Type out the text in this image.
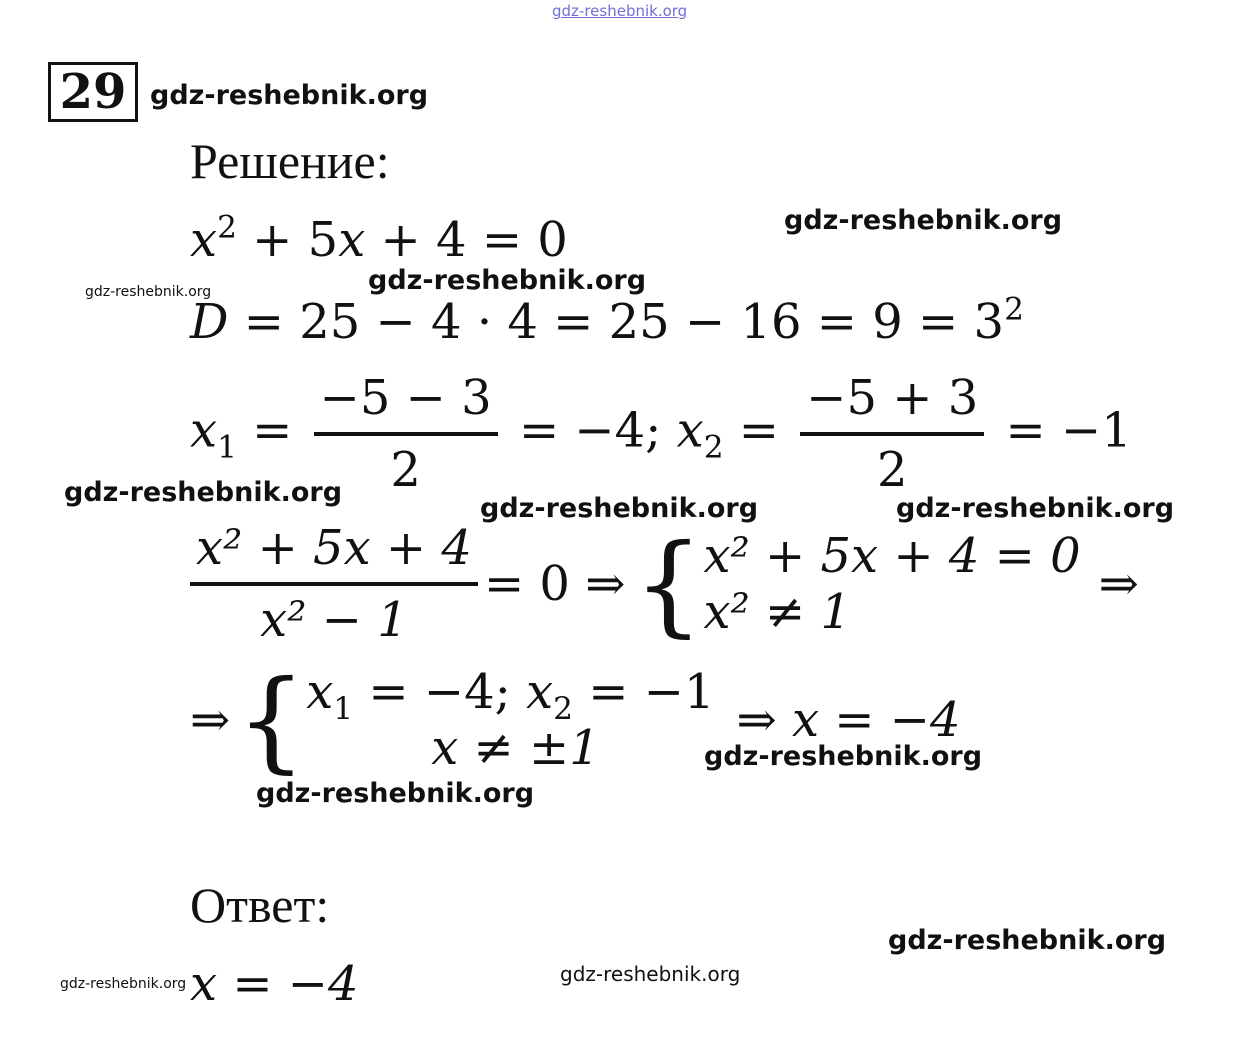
gdz-reshebnik.org
29 gdz-reshebnik.org
Решение:
$x^2 + 5x + 4 = 0$	gdz-reshebnik.org
gdz-reshebnik.org
gdz-reshebnik.org
$D = 25 - 4 \cdot 4 = 25 - 16 = 9 = 3^2$
$x_1 = \frac{-5 - 3}{2} = -4$; $x_2 = \frac{-5 + 3}{2} = -1$
gdz-reshebnik.org
gdz-reshebnik.org	gdz-reshebnik.org
$\frac{\text{x² + 5x + 4}}{\text{x² − 1}} = 0$ ⇒ { x² + 5x + 4 = 0
x² ≠ 1	⇒
⇒ { $x_1 = -4$; $x_2 = -1$
x ≠ ±1	⇒ x = −4
gdz-reshebnik.org
gdz-reshebnik.org
Ответ:
gdz-reshebnik.org
x = −4
gdz-reshebnik.org	gdz-reshebnik.org
